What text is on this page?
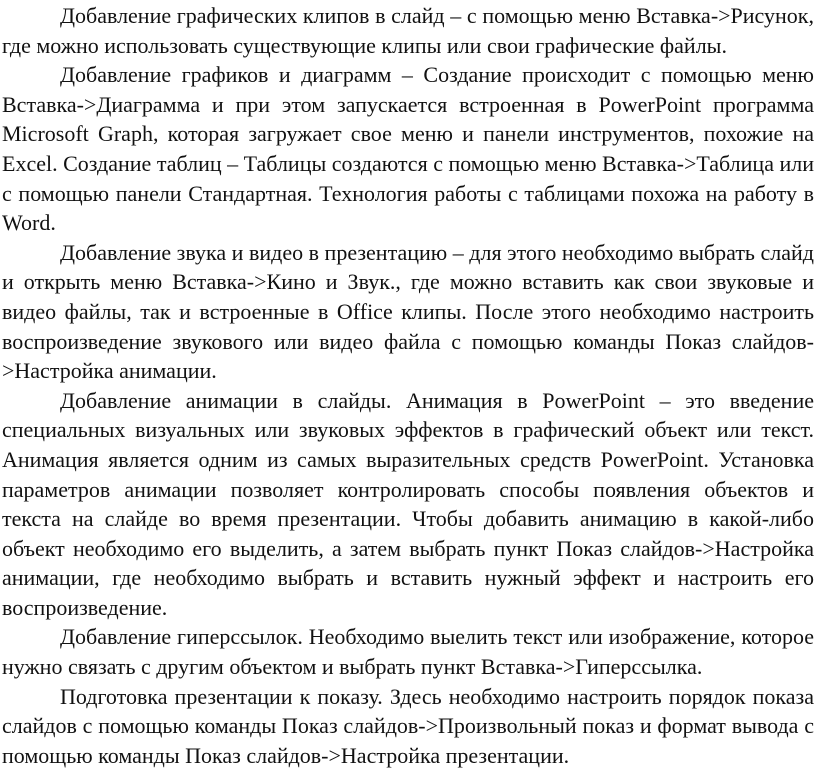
Добавление графических клипов в слайд – с помощью меню Вставка->Рисунок, где можно использовать существующие клипы или свои графические файлы.

Добавление графиков и диаграмм – Создание происходит с помощью меню Вставка->Диаграмма и при этом запускается встроенная в PowerPoint программа Microsoft Graph, которая загружает свое меню и панели инструментов, похожие на Excel. Создание таблиц – Таблицы создаются с помощью меню Вставка->Таблица или с помощью панели Стандартная. Технология работы с таблицами похожа на работу в Word.

Добавление звука и видео в презентацию – для этого необходимо выбрать слайд и открыть меню Вставка->Кино и Звук., где можно вставить как свои звуковые и видео файлы, так и встроенные в Office клипы. После этого необходимо настроить воспроизведение звукового или видео файла с помощью команды Показ слайдов->Настройка анимации.

Добавление анимации в слайды. Анимация в PowerPoint – это введение специальных визуальных или звуковых эффектов в графический объект или текст. Анимация является одним из самых выразительных средств PowerPoint. Установка параметров анимации позволяет контролировать способы появления объектов и текста на слайде во время презентации. Чтобы добавить анимацию в какой-либо объект необходимо его выделить, а затем выбрать пункт Показ слайдов->Настройка анимации, где необходимо выбрать и вставить нужный эффект и настроить его воспроизведение.

Добавление гиперссылок. Необходимо выелить текст или изображение, которое нужно связать с другим объектом и выбрать пункт Вставка->Гиперссылка.

Подготовка презентации к показу. Здесь необходимо настроить порядок показа слайдов с помощью команды Показ слайдов->Произвольный показ и формат вывода с помощью команды Показ слайдов->Настройка презентации.
